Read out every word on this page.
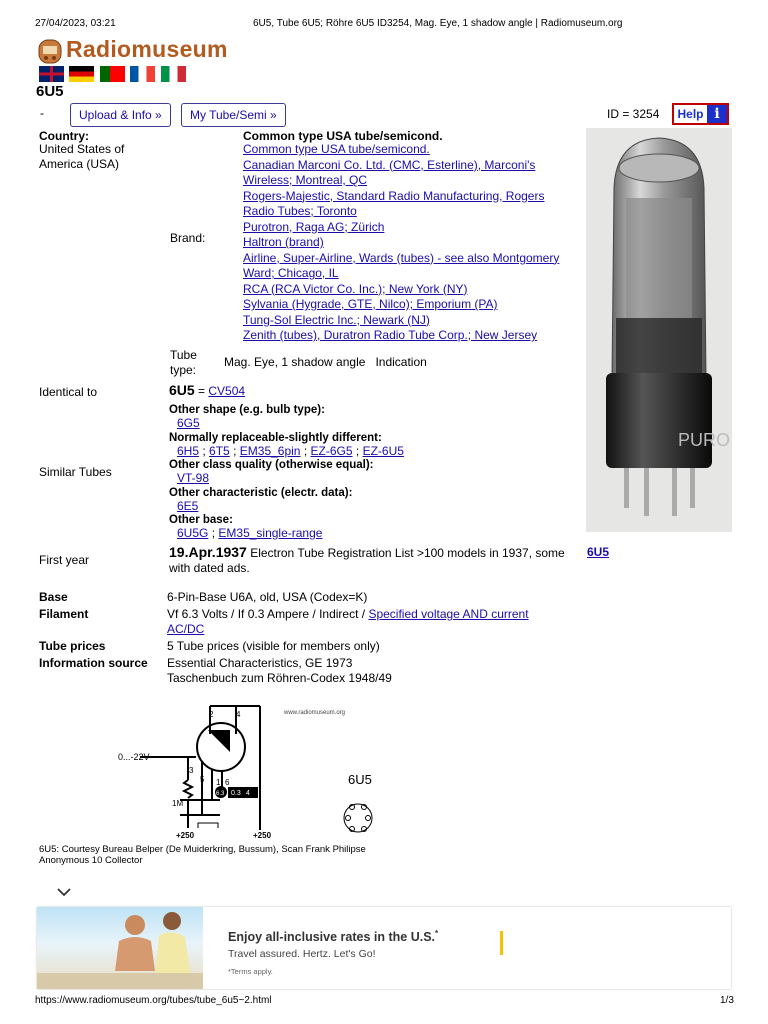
27/04/2023, 03:21	6U5, Tube 6U5; Röhre 6U5 ID3254, Mag. Eye, 1 shadow angle | Radiomuseum.org
Radiomuseum

6U5
-	Upload & Info »	My Tube/Semi »	ID = 3254 Help i
Country:
United States of America (USA)
Common type USA tube/semicond.
Brand:
Common type USA tube/semicond.
Canadian Marconi Co. Ltd. (CMC, Esterline), Marconi's
Wireless; Montreal, QC
Rogers-Majestic, Standard Radio Manufacturing, Rogers
Radio Tubes; Toronto
Purotron, Raga AG; Zürich
Haltron (brand)
Airline, Super-Airline, Wards (tubes) - see also Montgomery
Ward; Chicago, IL
RCA (RCA Victor Co. Inc.); New York (NY)
Sylvania (Hygrade, GTE, Nilco); Emporium (PA)
Tung-Sol Electric Inc.; Newark (NJ)
Zenith (tubes), Duratron Radio Tube Corp.; New Jersey
Tube type:
Mag. Eye, 1 shadow angle Indication
Identical to	6U5 = CV504
Similar Tubes
Other shape (e.g. bulb type):
6G5
Normally replaceable-slightly different:
6H5 ; 6T5 ; EM35_6pin ; EZ-6G5 ; EZ-6U5
Other class quality (otherwise equal):
VT-98
Other characteristic (electr. data):
6E5
Other base:
6U5G ; EM35_single-range
First year	19.Apr.1937 Electron Tube Registration List >100 models in 1937, some with dated ads.
PURO
6U5
Base	6-Pin-Base U6A, old, USA (Codex=K)
Filament	Vf 6.3 Volts / If 0.3 Ampere / Indirect / Specified voltage AND current AC/DC
Tube prices	5 Tube prices (visible for members only)
Information source Essential Characteristics, GE 1973
Taschenbuch zum Röhren-Codex 1948/49
2	4
3
5 1 6
6.3 0.3 4
0...-22V
1M
+250	+250
www.radiomuseum.org
6U5
6U5: Courtesy Bureau Belper (De Muiderkring, Bussum), Scan Frank Philipse
Anonymous 10 Collector
Enjoy all-inclusive rates in the U.S.*
Travel assured. Hertz. Let's Go!
*Terms apply.
https://www.radiomuseum.org/tubes/tube_6u5~2.html	1/3
